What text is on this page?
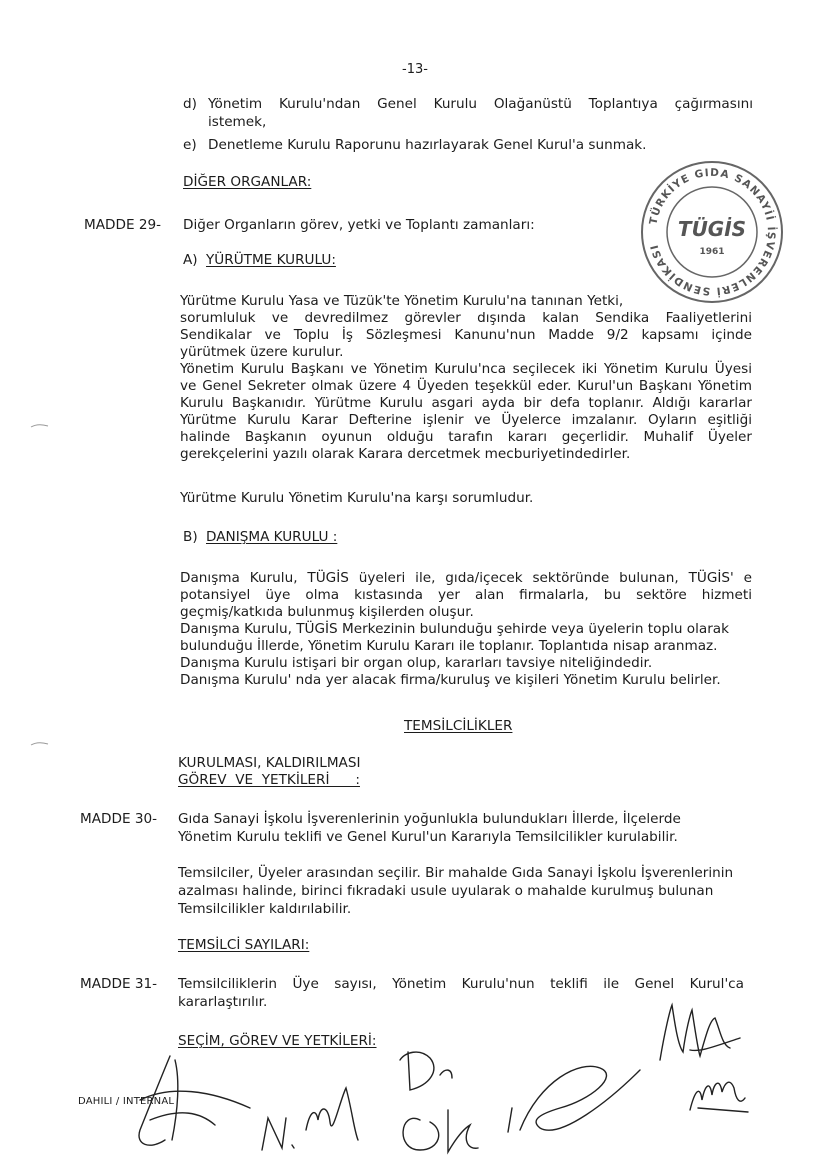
-13-
d) Yönetim Kurulu'ndan Genel Kurulu Olağanüstü Toplantıya çağırmasını
istemek,
e) Denetleme Kurulu Raporunu hazırlayarak Genel Kurul'a sunmak.
DİĞER ORGANLAR:
MADDE 29- Diğer Organların görev, yetki ve Toplantı zamanları:
A) YÜRÜTME KURULU:
Yürütme Kurulu Yasa ve Tüzük'te Yönetim Kurulu'na tanınan Yetki,
sorumluluk ve devredilmez görevler dışında kalan Sendika Faaliyetlerini
Sendikalar ve Toplu İş Sözleşmesi Kanunu'nun Madde 9/2 kapsamı içinde
yürütmek üzere kurulur.
Yönetim Kurulu Başkanı ve Yönetim Kurulu'nca seçilecek iki Yönetim Kurulu Üyesi
ve Genel Sekreter olmak üzere 4 Üyeden teşekkül eder. Kurul'un Başkanı Yönetim
Kurulu Başkanıdır. Yürütme Kurulu asgari ayda bir defa toplanır. Aldığı kararlar
Yürütme Kurulu Karar Defterine işlenir ve Üyelerce imzalanır. Oyların eşitliği
halinde Başkanın oyunun olduğu tarafın kararı geçerlidir. Muhalif Üyeler
gerekçelerini yazılı olarak Karara dercetmek mecburiyetindedirler.
Yürütme Kurulu Yönetim Kurulu'na karşı sorumludur.
B) DANIŞMA KURULU :
Danışma Kurulu, TÜGİS üyeleri ile, gıda/içecek sektöründe bulunan, TÜGİS' e
potansiyel üye olma kıstasında yer alan firmalarla, bu sektöre hizmeti
geçmiş/katkıda bulunmuş kişilerden oluşur.
Danışma Kurulu, TÜGİS Merkezinin bulunduğu şehirde veya üyelerin toplu olarak
bulunduğu İllerde, Yönetim Kurulu Kararı ile toplanır. Toplantıda nisap aranmaz.
Danışma Kurulu istişari bir organ olup, kararları tavsiye niteliğindedir.
Danışma Kurulu' nda yer alacak firma/kuruluş ve kişileri Yönetim Kurulu belirler.
TEMSİLCİLİKLER
KURULMASI, KALDIRILMASI
GÖREV  VE  YETKİLERİ      :
MADDE 30- Gıda Sanayi İşkolu İşverenlerinin yoğunlukla bulundukları İllerde, İlçelerde
Yönetim Kurulu teklifi ve Genel Kurul'un Kararıyla Temsilcilikler kurulabilir.
Temsilciler, Üyeler arasından seçilir. Bir mahalde Gıda Sanayi İşkolu İşverenlerinin
azalması halinde, birinci fıkradaki usule uyularak o mahalde kurulmuş bulunan
Temsilcilikler kaldırılabilir.
TEMSİLCİ SAYILARI:
MADDE 31- Temsilciliklerin Üye sayısı, Yönetim Kurulu'nun teklifi ile Genel Kurul'ca
kararlaştırılır.
SEÇİM, GÖREV VE YETKİLERİ:
DAHILI / INTERNAL
TÜRKİYE GIDA SANAYİİ İŞVERENLERİ SENDİKASI
TÜGİS
1961
